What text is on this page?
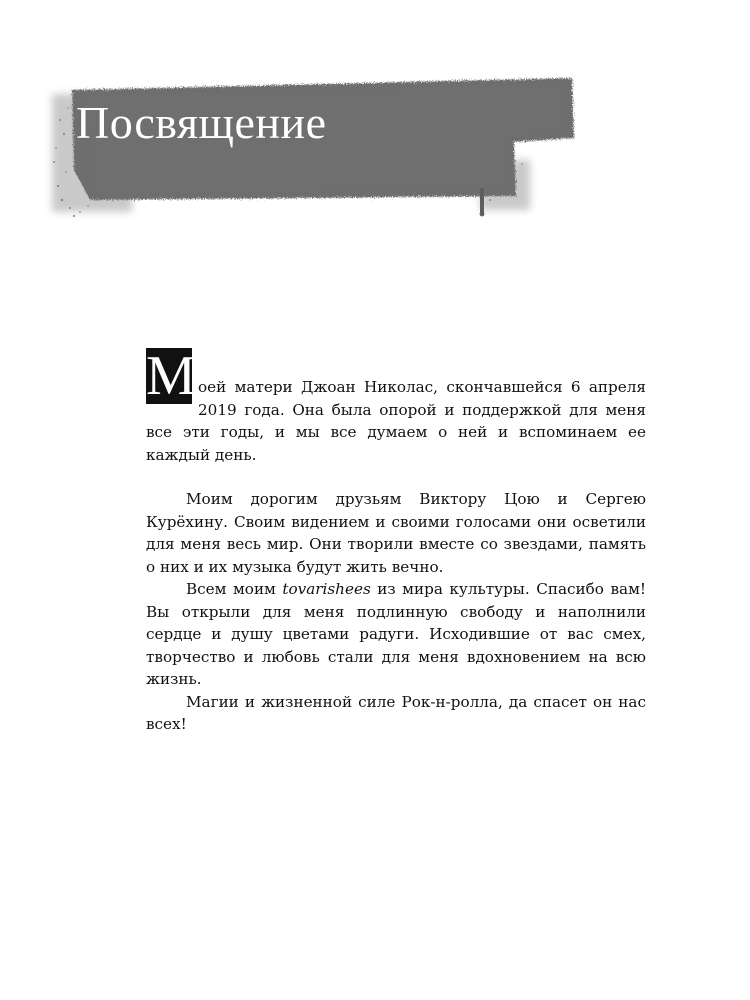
Посвящение

М оей матери Джоан Николас, скончавшейся 6 апреля 2019 года. Она была опорой и поддержкой для меня все эти годы, и мы все думаем о ней и вспоминаем ее каждый день.

Моим дорогим друзьям Виктору Цою и Сергею Курёхину. Своим видением и своими голосами они осветили для меня весь мир. Они творили вместе со звездами, память о них и их музыка будут жить вечно.

Всем моим tovarishees из мира культуры. Спасибо вам! Вы открыли для меня подлинную свободу и наполнили сердце и душу цветами радуги. Исходившие от вас смех, творчество и любовь стали для меня вдохновением на всю жизнь.

Магии и жизненной силе Рок-н-ролла, да спасет он нас всех!
